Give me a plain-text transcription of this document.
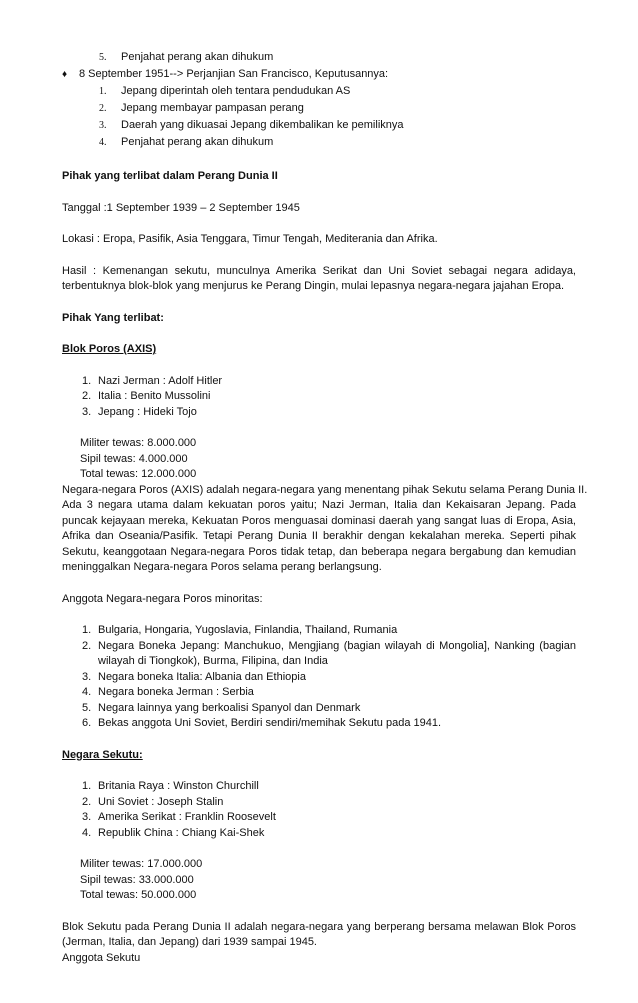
5. Penjahat perang akan dihukum
♦ 8 September 1951--> Perjanjian San Francisco, Keputusannya:
1. Jepang diperintah oleh tentara pendudukan AS
2. Jepang membayar pampasan perang
3. Daerah yang dikuasai Jepang dikembalikan ke pemiliknya
4. Penjahat perang akan dihukum
Pihak yang terlibat dalam Perang Dunia II
Tanggal :1 September 1939 – 2 September 1945
Lokasi : Eropa, Pasifik, Asia Tenggara, Timur Tengah, Mediterania dan Afrika.
Hasil : Kemenangan sekutu, munculnya Amerika Serikat dan Uni Soviet sebagai negara adidaya, terbentuknya blok-blok yang menjurus ke Perang Dingin, mulai lepasnya negara-negara jajahan Eropa.
Pihak Yang terlibat:
Blok Poros (AXIS)
1. Nazi Jerman : Adolf Hitler
2. Italia : Benito Mussolini
3. Jepang : Hideki Tojo
Militer tewas: 8.000.000
Sipil tewas: 4.000.000
Total tewas: 12.000.000
Negara-negara Poros (AXIS) adalah negara-negara yang menentang pihak Sekutu selama Perang Dunia II.
Ada 3 negara utama dalam kekuatan poros yaitu; Nazi Jerman, Italia dan Kekaisaran Jepang. Pada puncak kejayaan mereka, Kekuatan Poros menguasai dominasi daerah yang sangat luas di Eropa, Asia, Afrika dan Oseania/Pasifik. Tetapi Perang Dunia II berakhir dengan kekalahan mereka. Seperti pihak Sekutu, keanggotaan Negara-negara Poros tidak tetap, dan beberapa negara bergabung dan kemudian meninggalkan Negara-negara Poros selama perang berlangsung.
Anggota Negara-negara Poros minoritas:
1. Bulgaria, Hongaria, Yugoslavia, Finlandia, Thailand, Rumania
2. Negara Boneka Jepang: Manchukuo, Mengjiang (bagian wilayah di Mongolia], Nanking (bagian wilayah di Tiongkok), Burma, Filipina, dan India
3. Negara boneka Italia: Albania dan Ethiopia
4. Negara boneka Jerman : Serbia
5. Negara lainnya yang berkoalisi Spanyol dan Denmark
6. Bekas anggota Uni Soviet, Berdiri sendiri/memihak Sekutu pada 1941.
Negara Sekutu:
1. Britania Raya : Winston Churchill
2. Uni Soviet : Joseph Stalin
3. Amerika Serikat : Franklin Roosevelt
4. Republik China : Chiang Kai-Shek
Militer tewas: 17.000.000
Sipil tewas: 33.000.000
Total tewas: 50.000.000
Blok Sekutu pada Perang Dunia II adalah negara-negara yang berperang bersama melawan Blok Poros (Jerman, Italia, dan Jepang) dari 1939 sampai 1945.
Anggota Sekutu
